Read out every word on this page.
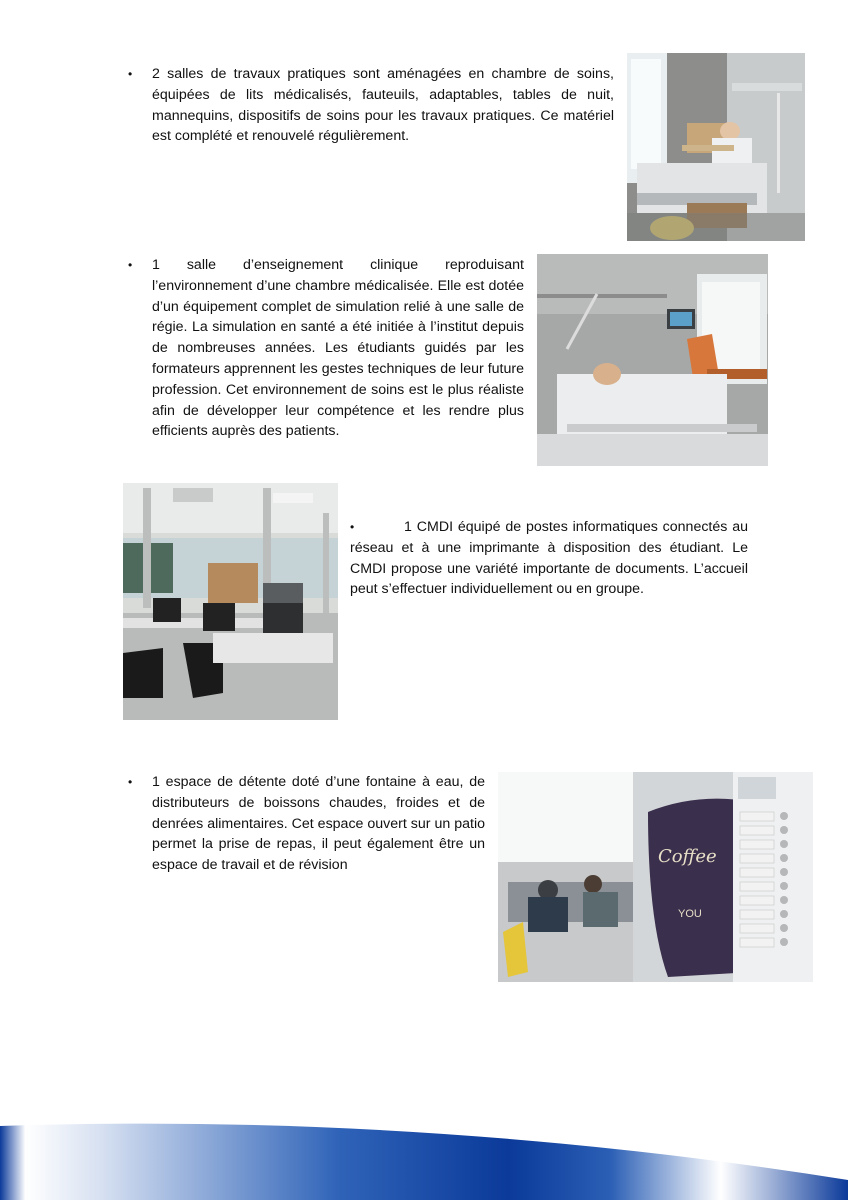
• 2 salles de travaux pratiques sont aménagées en chambre de soins, équipées de lits médicalisés, fauteuils, adaptables, tables de nuit, mannequins, dispositifs de soins pour les travaux pratiques. Ce matériel est complété et renouvelé régulièrement.
• 1 salle d’enseignement clinique reproduisant l’environnement d’une chambre médicalisée. Elle est dotée d’un équipement complet de simulation relié à une salle de régie. La simulation en santé a été initiée à l’institut depuis de nombreuses années. Les étudiants guidés par les formateurs apprennent les gestes techniques de leur future profession. Cet environnement de soins est le plus réaliste afin de développer leur compétence et les rendre plus efficients auprès des patients.
•	1 CMDI équipé de postes informatiques connectés au réseau et à une imprimante à disposition des étudiant. Le CMDI propose une variété importante de documents. L’accueil peut s’effectuer individuellement ou en groupe.
• 1 espace de détente doté d’une fontaine à eau, de distributeurs de boissons chaudes, froides et de denrées alimentaires. Cet espace ouvert sur un patio permet la prise de repas, il peut également être un espace de travail et de révision	Coffee
YOU
